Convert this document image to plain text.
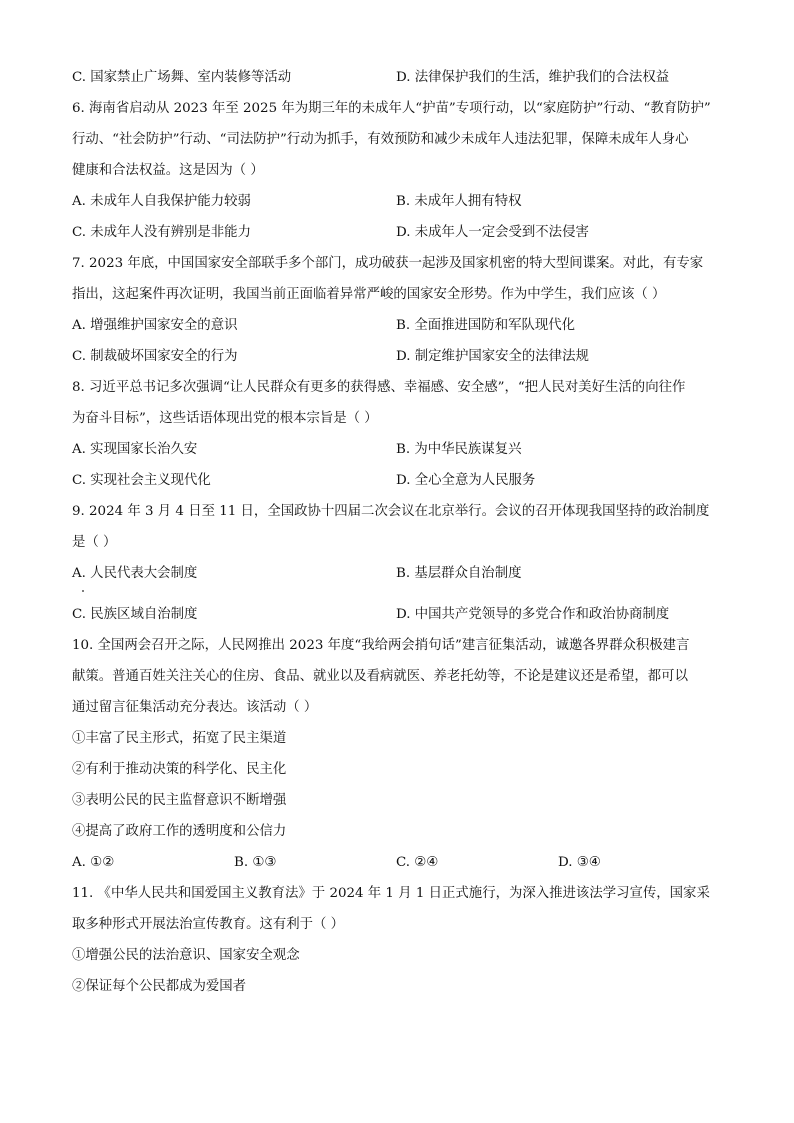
C. 国家禁止广场舞、室内装修等活动	D. 法律保护我们的生活，维护我们的合法权益
6. 海南省启动从 2023 年至 2025 年为期三年的未成年人“护苗”专项行动，以“家庭防护”行动、“教育防护”
行动、“社会防护”行动、“司法防护”行动为抓手，有效预防和减少未成年人违法犯罪，保障未成年人身心
健康和合法权益。这是因为（ ）
A. 未成年人自我保护能力较弱	B. 未成年人拥有特权
C. 未成年人没有辨别是非能力	D. 未成年人一定会受到不法侵害
7. 2023 年底，中国国家安全部联手多个部门，成功破获一起涉及国家机密的特大型间谍案。对此，有专家
指出，这起案件再次证明，我国当前正面临着异常严峻的国家安全形势。作为中学生，我们应该（ ）
A. 增强维护国家安全的意识	B. 全面推进国防和军队现代化
C. 制裁破坏国家安全的行为	D. 制定维护国家安全的法律法规
8. 习近平总书记多次强调“让人民群众有更多的获得感、幸福感、安全感”，“把人民对美好生活的向往作
为奋斗目标”，这些话语体现出党的根本宗旨是（ ）
A. 实现国家长治久安	B. 为中华民族谋复兴
C. 实现社会主义现代化	D. 全心全意为人民服务
9. 2024 年 3 月 4 日至 11 日，全国政协十四届二次会议在北京举行。会议的召开体现我国坚持的政治制度
是（ ）
A. 人民代表大会制度	B. 基层群众自治制度
C. 民族区域自治制度	D. 中国共产党领导的多党合作和政治协商制度
10. 全国两会召开之际，人民网推出 2023 年度“我给两会捎句话”建言征集活动，诚邀各界群众积极建言
献策。普通百姓关注关心的住房、食品、就业以及看病就医、养老托幼等，不论是建议还是希望，都可以
通过留言征集活动充分表达。该活动（ ）
①丰富了民主形式，拓宽了民主渠道
②有利于推动决策的科学化、民主化
③表明公民的民主监督意识不断增强
④提高了政府工作的透明度和公信力
A. ①②	B. ①③	C. ②④	D. ③④
11. 《中华人民共和国爱国主义教育法》于 2024 年 1 月 1 日正式施行，为深入推进该法学习宣传，国家采
取多种形式开展法治宣传教育。这有利于（ ）
①增强公民的法治意识、国家安全观念
②保证每个公民都成为爱国者
